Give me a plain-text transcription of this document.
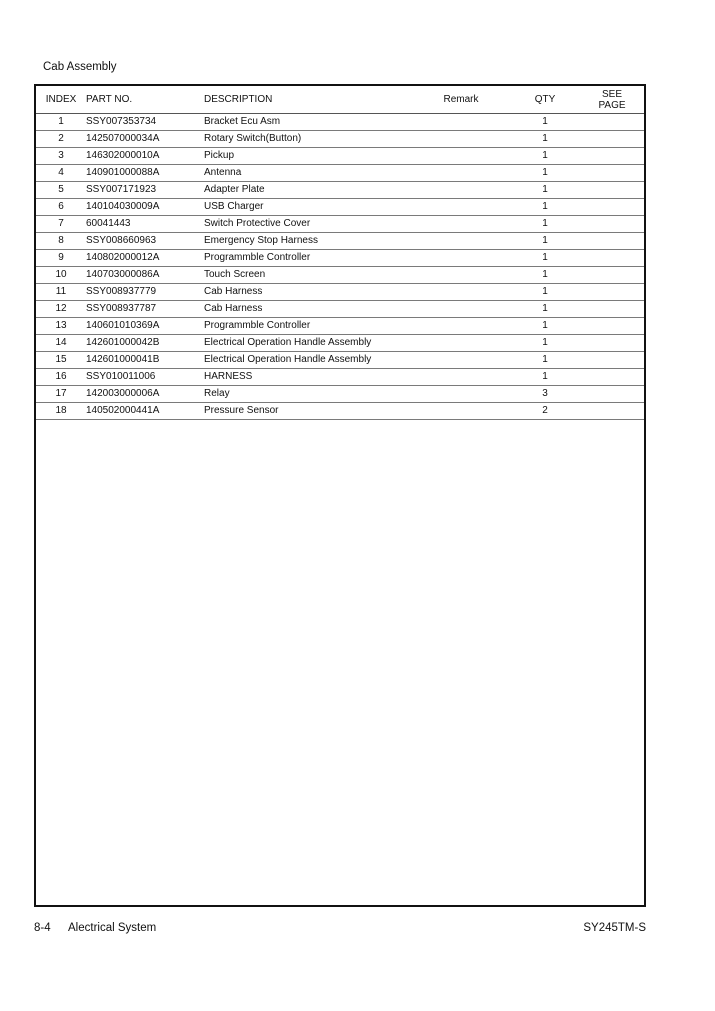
Cab Assembly
INDEX	PART NO.	DESCRIPTION	Remark	QTY	SEE
PAGE
1	SSY007353734	Bracket Ecu Asm		1	
2	142507000034A	Rotary Switch(Button)		1	
3	146302000010A	Pickup		1	
4	140901000088A	Antenna		1	
5	SSY007171923	Adapter Plate		1	
6	140104030009A	USB Charger		1	
7	60041443	Switch Protective Cover		1	
8	SSY008660963	Emergency Stop Harness		1	
9	140802000012A	Programmble Controller		1	
10	140703000086A	Touch Screen		1	
11	SSY008937779	Cab Harness		1	
12	SSY008937787	Cab Harness		1	
13	140601010369A	Programmble Controller		1	
14	142601000042B	Electrical Operation Handle Assembly		1	
15	142601000041B	Electrical Operation Handle Assembly		1	
16	SSY010011006	HARNESS		1	
17	142003000006A	Relay		3	
18	140502000441A	Pressure Sensor		2	
8-4 Alectrical System	SY245TM-S
